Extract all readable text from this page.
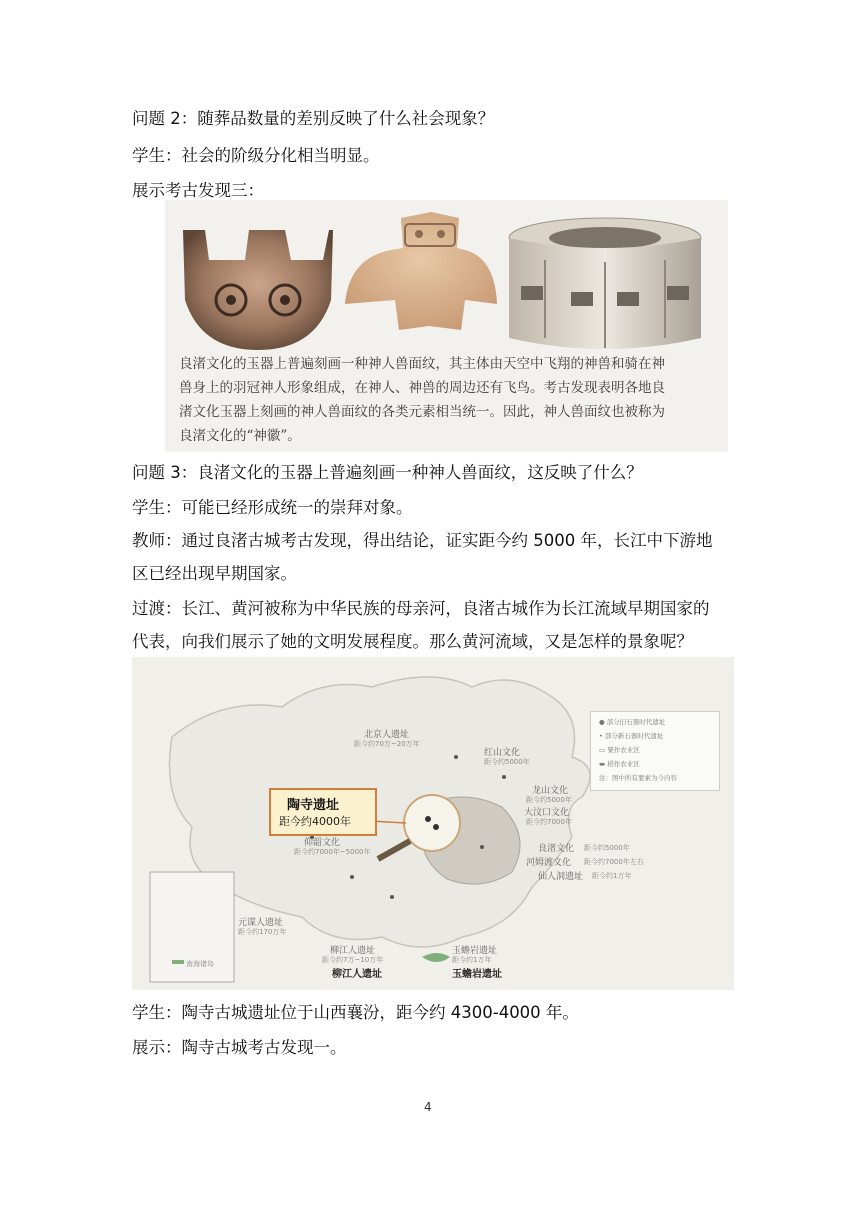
问题 2：随葬品数量的差别反映了什么社会现象？
学生：社会的阶级分化相当明显。
展示考古发现三：
良渚文化的玉器上普遍刻画一种神人兽面纹，其主体由天空中飞翔的神兽和骑在神
兽身上的羽冠神人形象组成，在神人、神兽的周边还有飞鸟。考古发现表明各地良
渚文化玉器上刻画的神人兽面纹的各类元素相当统一。因此，神人兽面纹也被称为
良渚文化的“神徽”。
问题 3：良渚文化的玉器上普遍刻画一种神人兽面纹，这反映了什么？
学生：可能已经形成统一的崇拜对象。
教师：通过良渚古城考古发现，得出结论，证实距今约 5000 年，长江中下游地
区已经出现早期国家。
过渡：长江、黄河被称为中华民族的母亲河，良渚古城作为长江流域早期国家的
代表，向我们展示了她的文明发展程度。那么黄河流域，又是怎样的景象呢？
北京人遗址
距今约70万~20万年
红山文化
距今约5000年
龙山文化
距今约5000年
大汶口文化
距今约7000年
仰韶文化
距今约7000年~5000年	良渚文化 距今约5000年
河姆渡文化 距今约7000年左右
仙人洞遗址 距今约1万年
元谋人遗址
距今约170万年
柳江人遗址
距今约7万~10万年
柳江人遗址
玉蟾岩遗址
距今约1万年
玉蟾岩遗址
南海诸岛
陶寺遗址
距今约4000年
● 部分旧石器时代遗址
• 部分新石器时代遗址
▭ 粟作农业区
▬ 稻作农业区
注：图中所有要素为今内容
学生：陶寺古城遗址位于山西襄汾，距今约 4300-4000 年。
展示：陶寺古城考古发现一。
4
